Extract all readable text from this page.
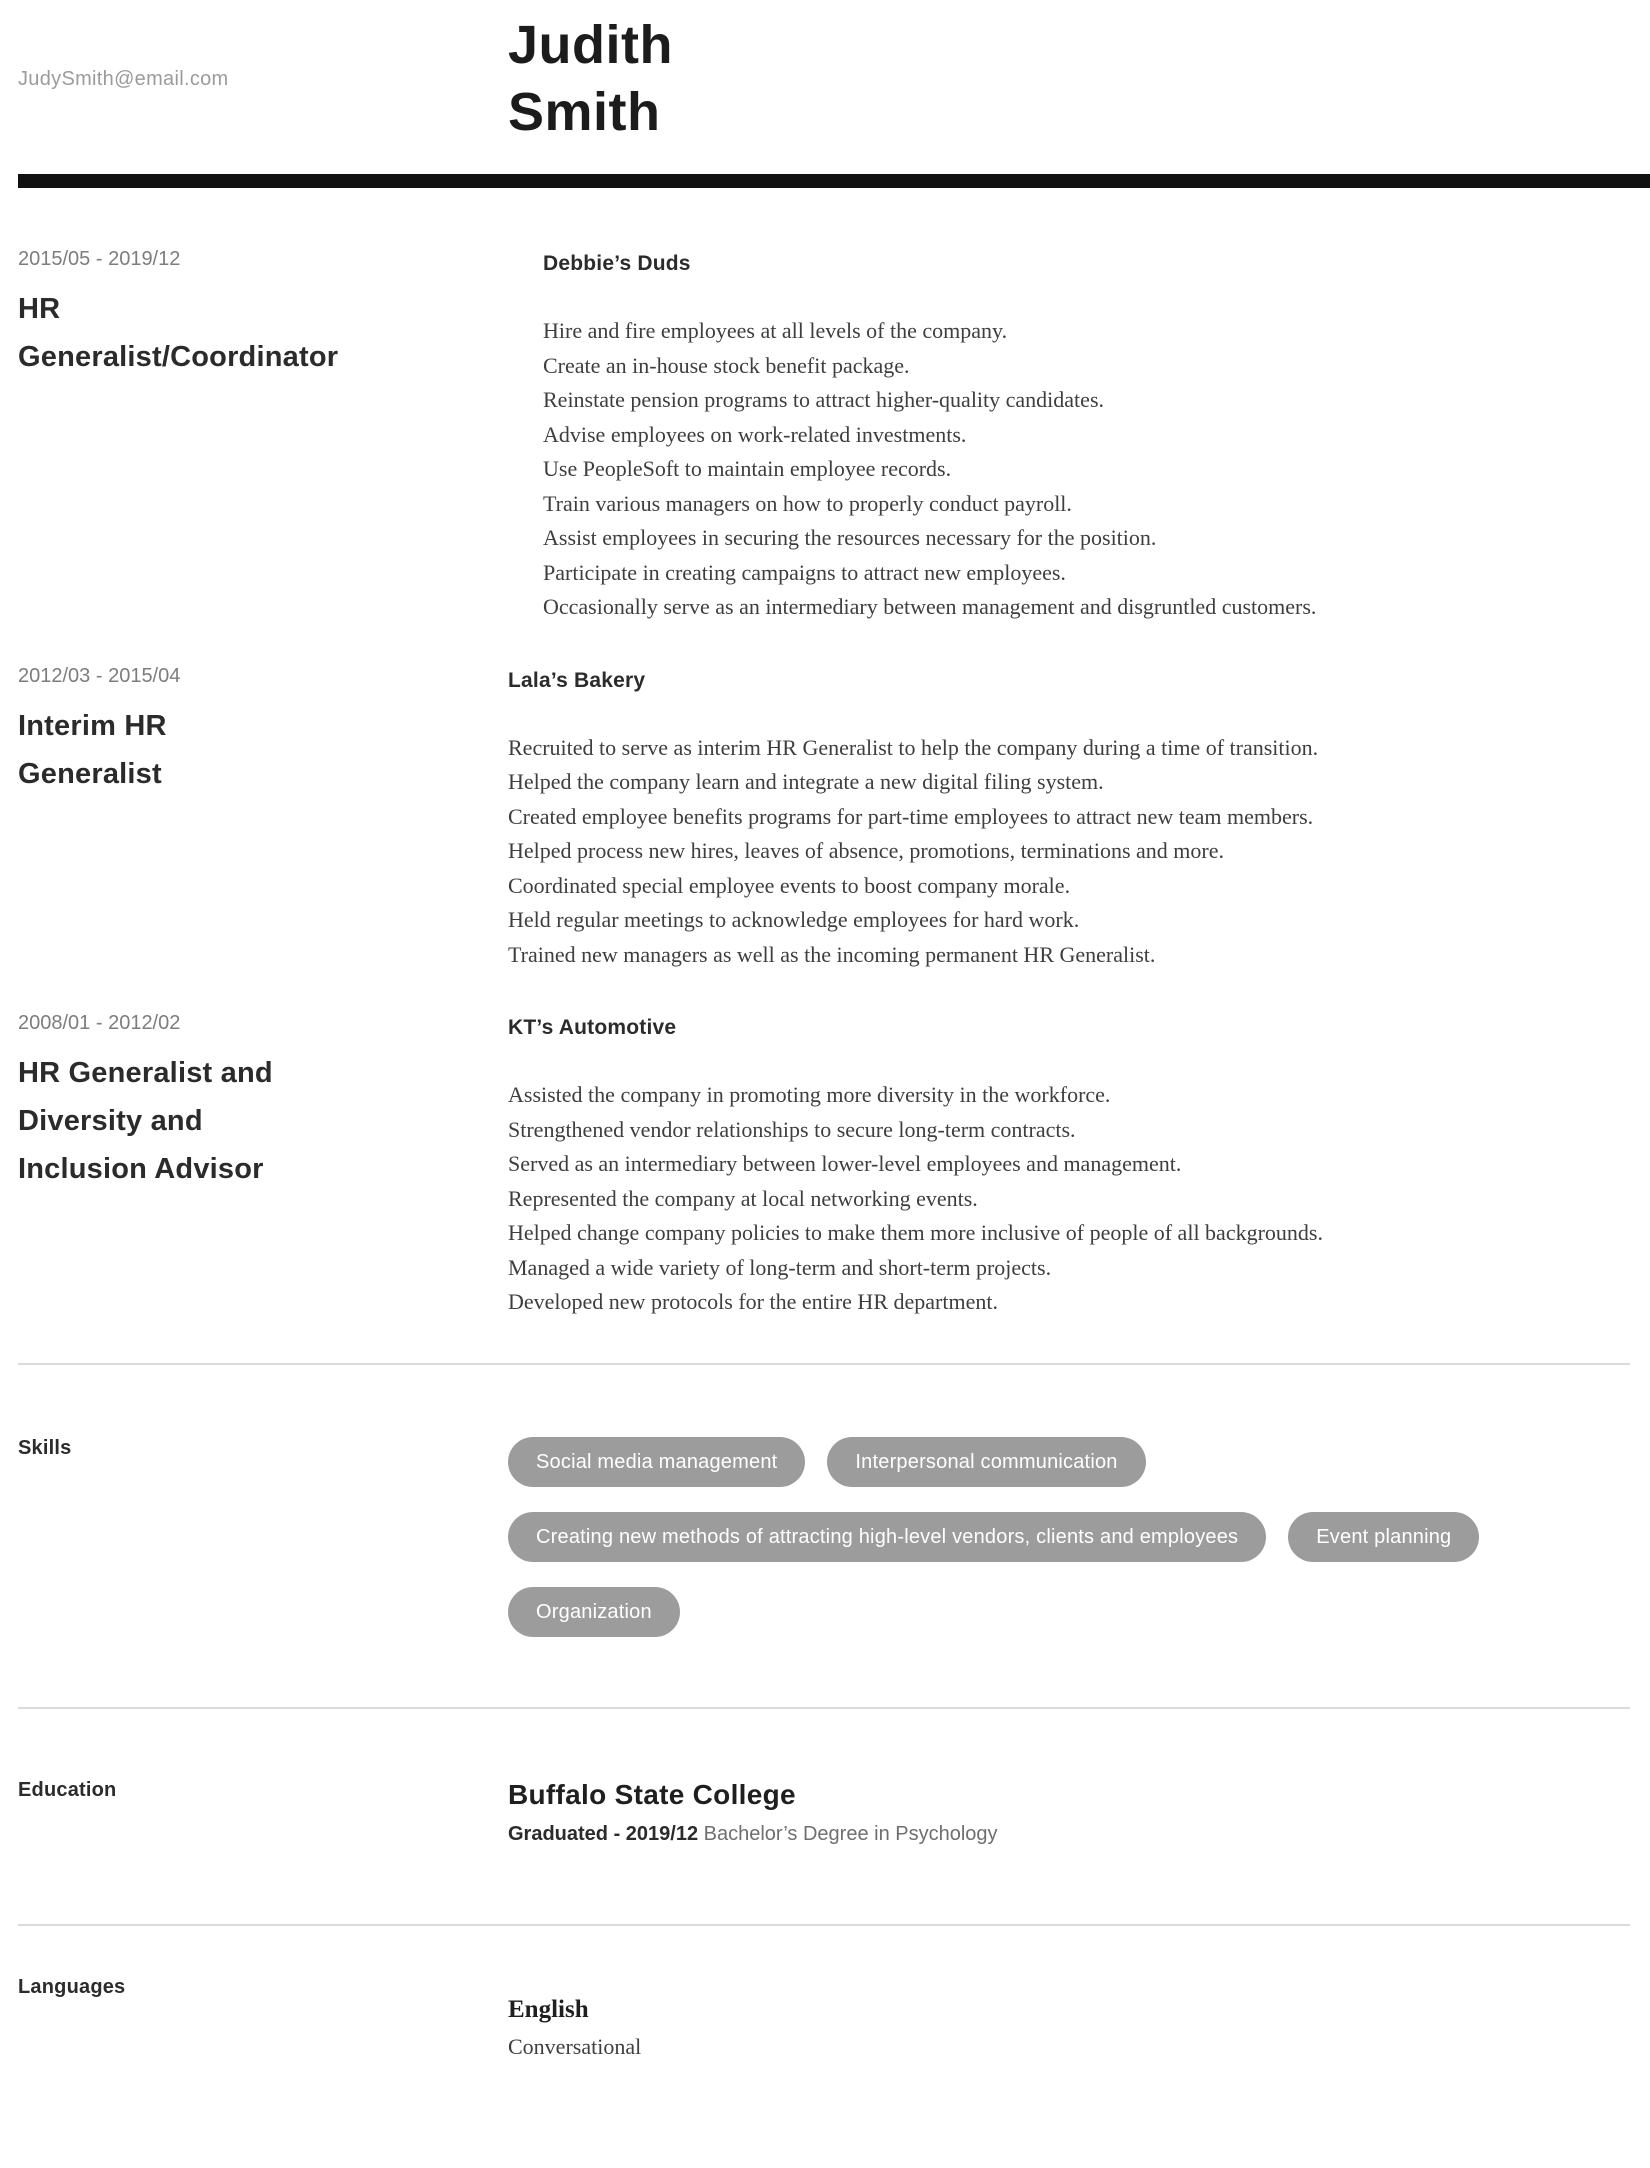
JudySmith@email.com
Judith
Smith
2015/05 - 2019/12
HR Generalist/Coordinator
Debbie’s Duds
Hire and fire employees at all levels of the company.
Create an in-house stock benefit package.
Reinstate pension programs to attract higher-quality candidates.
Advise employees on work-related investments.
Use PeopleSoft to maintain employee records.
Train various managers on how to properly conduct payroll.
Assist employees in securing the resources necessary for the position.
Participate in creating campaigns to attract new employees.
Occasionally serve as an intermediary between management and disgruntled customers.
2012/03 - 2015/04
Interim HR Generalist
Lala’s Bakery
Recruited to serve as interim HR Generalist to help the company during a time of transition.
Helped the company learn and integrate a new digital filing system.
Created employee benefits programs for part-time employees to attract new team members.
Helped process new hires, leaves of absence, promotions, terminations and more.
Coordinated special employee events to boost company morale.
Held regular meetings to acknowledge employees for hard work.
Trained new managers as well as the incoming permanent HR Generalist.
2008/01 - 2012/02
HR Generalist and Diversity and Inclusion Advisor
KT’s Automotive
Assisted the company in promoting more diversity in the workforce.
Strengthened vendor relationships to secure long-term contracts.
Served as an intermediary between lower-level employees and management.
Represented the company at local networking events.
Helped change company policies to make them more inclusive of people of all backgrounds.
Managed a wide variety of long-term and short-term projects.
Developed new protocols for the entire HR department.
Skills
Social media management	Interpersonal communication
Creating new methods of attracting high-level vendors, clients and employees	Event planning
Organization
Education	Buffalo State College
Graduated - 2019/12 Bachelor’s Degree in Psychology
Languages
English
Conversational
